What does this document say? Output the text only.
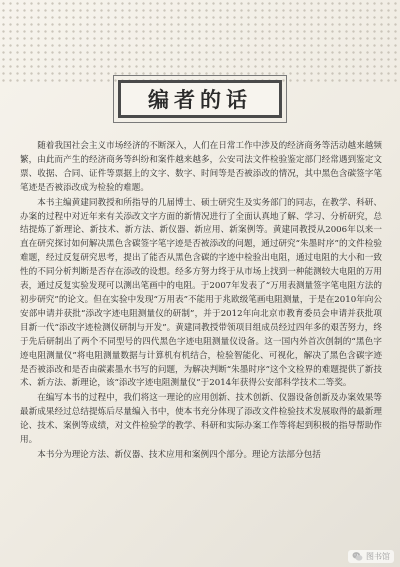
编者的话

随着我国社会主义市场经济的不断深入，人们在日常工作中涉及的经济商务等活动越来越频繁，由此而产生的经济商务等纠纷和案件越来越多，公安司法文件检验鉴定部门经常遇到鉴定文票、收据、合同、证件等票据上的文字、数字、时间等是否被添改的情况，其中黑色含碳签字笔笔迹是否被添改成为检验的难题。

本书主编黄建同教授和所指导的几届博士、硕士研究生及实务部门的同志，在教学、科研、办案的过程中对近年来有关添改文字方面的新情况进行了全面认真地了解、学习、分析研究，总结提炼了新理论、新技术、新方法、新仪器、新应用、新案例等。黄建同教授从2006年以来一直在研究探讨如何解决黑色含碳签字笔字迹是否被添改的问题，通过研究“朱墨时序”的文件检验难题，经过反复研究思考，提出了能否从黑色含碳的字迹中检验出电阻，通过电阻的大小和一致性的不同分析判断是否存在添改的设想。经多方努力终于从市场上找到一种能测较大电阻的万用表，通过反复实验发现可以测出笔画中的电阻。于2007年发表了“万用表测量签字笔电阻方法的初步研究”的论文。但在实验中发现“万用表”不能用于兆欧级笔画电阻测量，于是在2010年向公安部申请并获批“添改字迹电阻测量仪的研制”，并于2012年向北京市教育委员会申请并获批项目新一代“添改字迹检测仪研制与开发”。黄建同教授带领项目组成员经过四年多的艰苦努力，终于先后研制出了两个不同型号的四代黑色字迹电阻测量仪设备。这一国内外首次创制的“黑色字迹电阻测量仪”将电阻测量数据与计算机有机结合，检验智能化、可视化，解决了黑色含碳字迹是否被添改和是否由碳素墨水书写的问题，为解决判断“朱墨时序”这个文检界的难题提供了新技术、新方法、新理论，该“添改字迹电阻测量仪”于2014年获得公安部科学技术二等奖。

在编写本书的过程中，我们将这一理论的应用创新、技术创新、仪器设备创新及办案效果等最新成果经过总结提炼后尽量编入书中，使本书充分体现了添改文件检验技术发展取得的最新理论、技术、案例等成绩，对文件检验学的教学、科研和实际办案工作等将起到积极的指导帮助作用。

本书分为理论方法、新仪器、技术应用和案例四个部分。理论方法部分包括

图书馆
